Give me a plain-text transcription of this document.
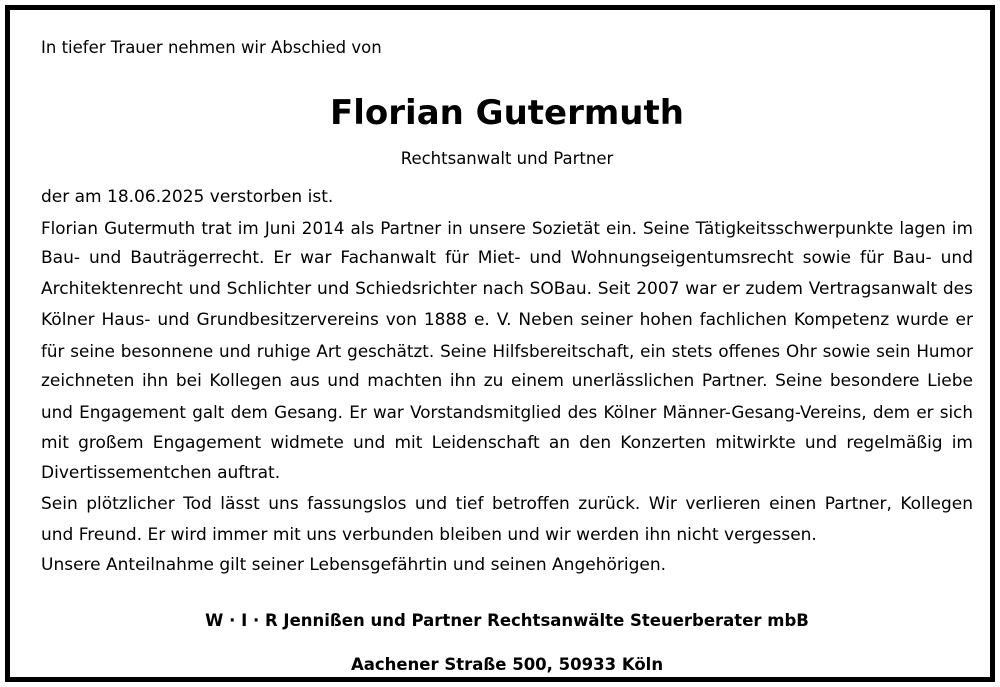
In tiefer Trauer nehmen wir Abschied von
Florian Gutermuth
Rechtsanwalt und Partner

der am 18.06.2025 verstorben ist.

Florian Gutermuth trat im Juni 2014 als Partner in unsere Sozietät ein. Seine Tätigkeitsschwerpunkte lagen im
Bau- und Bauträgerrecht. Er war Fachanwalt für Miet- und Wohnungseigentumsrecht sowie für Bau- und
Architektenrecht und Schlichter und Schiedsrichter nach SOBau. Seit 2007 war er zudem Vertragsanwalt des
Kölner Haus- und Grundbesitzervereins von 1888 e. V. Neben seiner hohen fachlichen Kompetenz wurde er
für seine besonnene und ruhige Art geschätzt. Seine Hilfsbereitschaft, ein stets offenes Ohr sowie sein Humor
zeichneten ihn bei Kollegen aus und machten ihn zu einem unerlässlichen Partner. Seine besondere Liebe
und Engagement galt dem Gesang. Er war Vorstandsmitglied des Kölner Männer-Gesang-Vereins, dem er sich
mit großem Engagement widmete und mit Leidenschaft an den Konzerten mitwirkte und regelmäßig im
Divertissementchen auftrat.

Sein plötzlicher Tod lässt uns fassungslos und tief betroffen zurück. Wir verlieren einen Partner, Kollegen
und Freund. Er wird immer mit uns verbunden bleiben und wir werden ihn nicht vergessen.

Unsere Anteilnahme gilt seiner Lebensgefährtin und seinen Angehörigen.

W · I · R Jennißen und Partner Rechtsanwälte Steuerberater mbB
Aachener Straße 500, 50933 Köln
